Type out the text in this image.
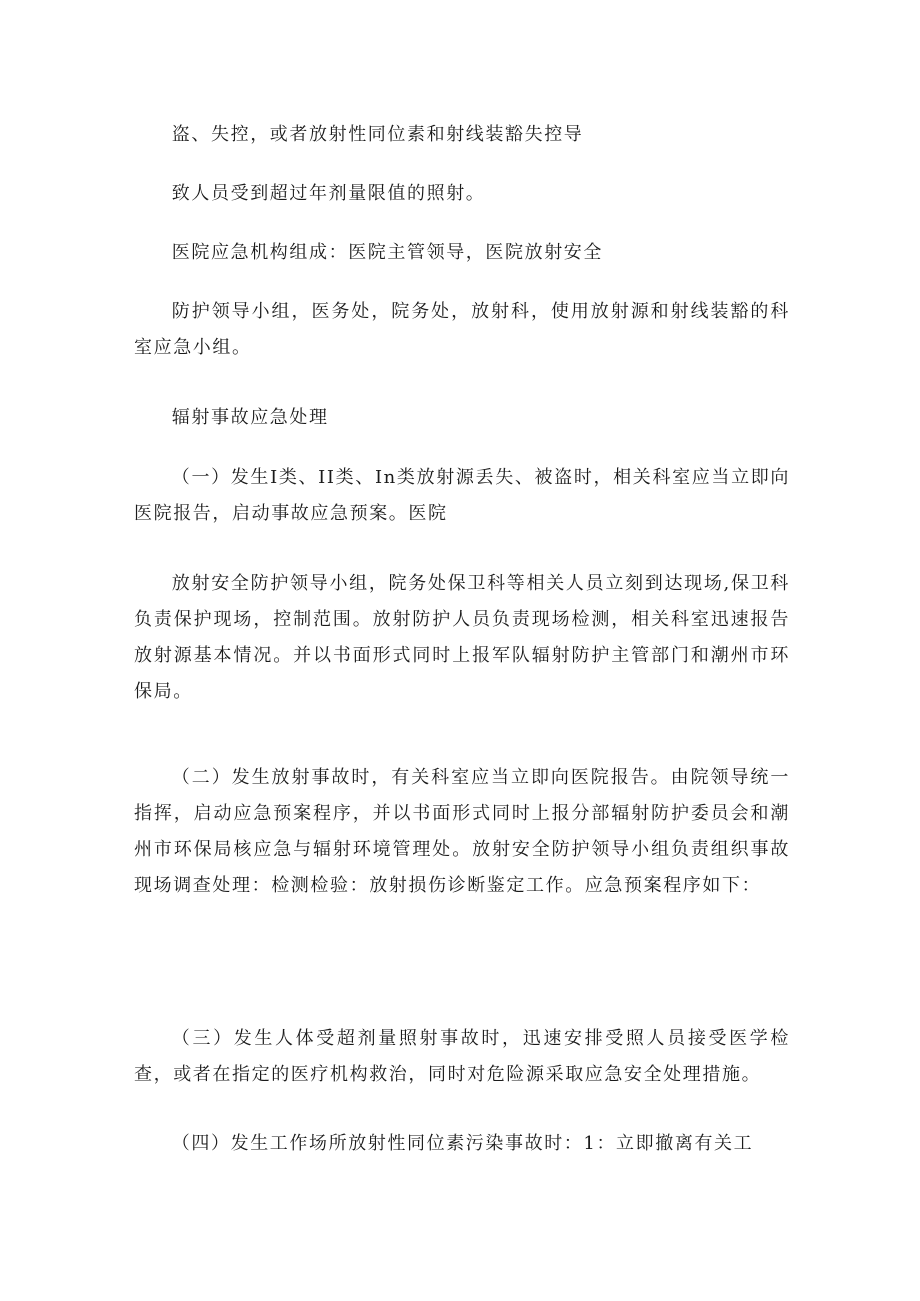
盗、失控，或者放射性同位素和射线装豁失控导

致人员受到超过年剂量限值的照射。

医院应急机构组成：医院主管领导，医院放射安全

防护领导小组，医务处，院务处，放射科，使用放射源和射线装豁的科室应急小组。

辐射事故应急处理

（一）发生I类、II类、In类放射源丢失、被盗时，相关科室应当立即向医院报告，启动事故应急预案。医院

放射安全防护领导小组，院务处保卫科等相关人员立刻到达现场,保卫科负责保护现场，控制范围。放射防护人员负责现场检测，相关科室迅速报告放射源基本情况。并以书面形式同时上报军队辐射防护主管部门和潮州市环保局。

（二）发生放射事故时，有关科室应当立即向医院报告。由院领导统一指挥，启动应急预案程序，并以书面形式同时上报分部辐射防护委员会和潮州市环保局核应急与辐射环境管理处。放射安全防护领导小组负责组织事故现场调查处理：检测检验：放射损伤诊断鉴定工作。应急预案程序如下：

（三）发生人体受超剂量照射事故时，迅速安排受照人员接受医学检查，或者在指定的医疗机构救治，同时对危险源采取应急安全处理措施。

（四）发生工作场所放射性同位素污染事故时：1：立即撤离有关工
